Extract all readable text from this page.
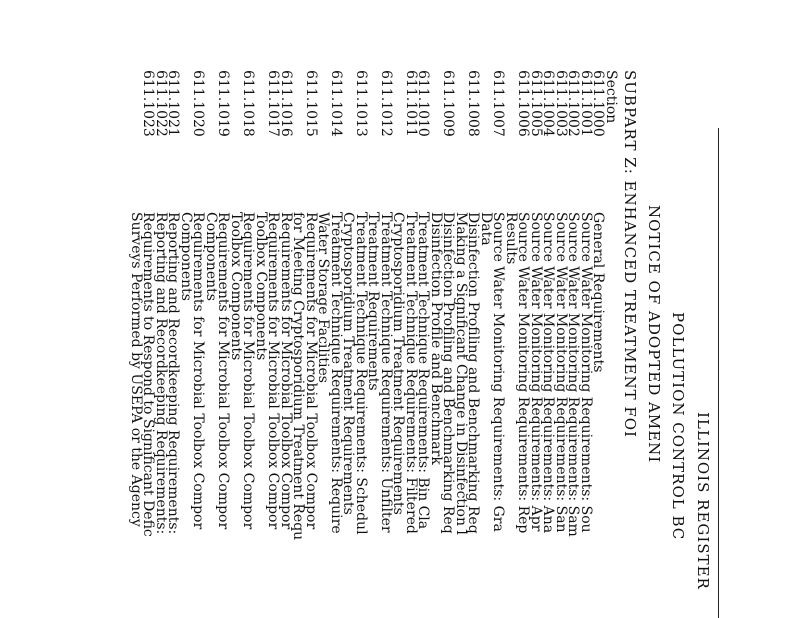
ILLINOIS REGISTER
POLLUTION CONTROL BC
NOTICE OF ADOPTED AMENI
SUBPART Z: ENHANCED TREATMENT FOI
Section
611.1000
611.1001
611.1002
611.1003
611.1004
611.1005
611.1006
611.1007
611.1008
611.1009
611.1010
611.1011
611.1012
611.1013
611.1014
611.1015
611.1016
611.1017
611.1018
611.1019
611.1020
611.1021
611.1022
611.1023

General Requirements
Source Water Monitoring Requirements: Sou
Source Water Monitoring Requirements: Sam
Source Water Monitoring Requirements: San
Source Water Monitoring Requirements: Ana
Source Water Monitoring Requirements: Apr
Source Water Monitoring Requirements: Rep
Results
Source Water Monitoring Requirements: Gra
Data
Disinfection Profiling and Benchmarking Req
Making a Significant Change in Disinfection l
Disinfection Profiling and Benchmarking Req
Disinfection Profile and Benchmark
Treatment Technique Requirements: Bin Cla
Treatment Technique Requirements: Filtered
Cryptosporidium Treatment Requirements
Treatment Technique Requirements: Unfilter
Treatment Requirements
Treatment Technique Requirements: Schedul
Cryptosporidium Treatment Requirements
Treatment Technique Requirements: Require
Water Storage Facilities
Requirements for Microbial Toolbox Compor
for Meeting Cryptosporidium Treatment Requ
Requirements for Microbial Toolbox Compor
Requirements for Microbial Toolbox Compor
Toolbox Components
Requirements for Microbial Toolbox Compor
Toolbox Components
Requirements for Microbial Toolbox Compor
Components
Requirements for Microbial Toolbox Compor
Components
Reporting and Recordkeeping Requirements:
Reporting and Recordkeeping Requirements:
Requirements to Respond to Significant Defic
Surveys Performed by USEPA or the Agency
